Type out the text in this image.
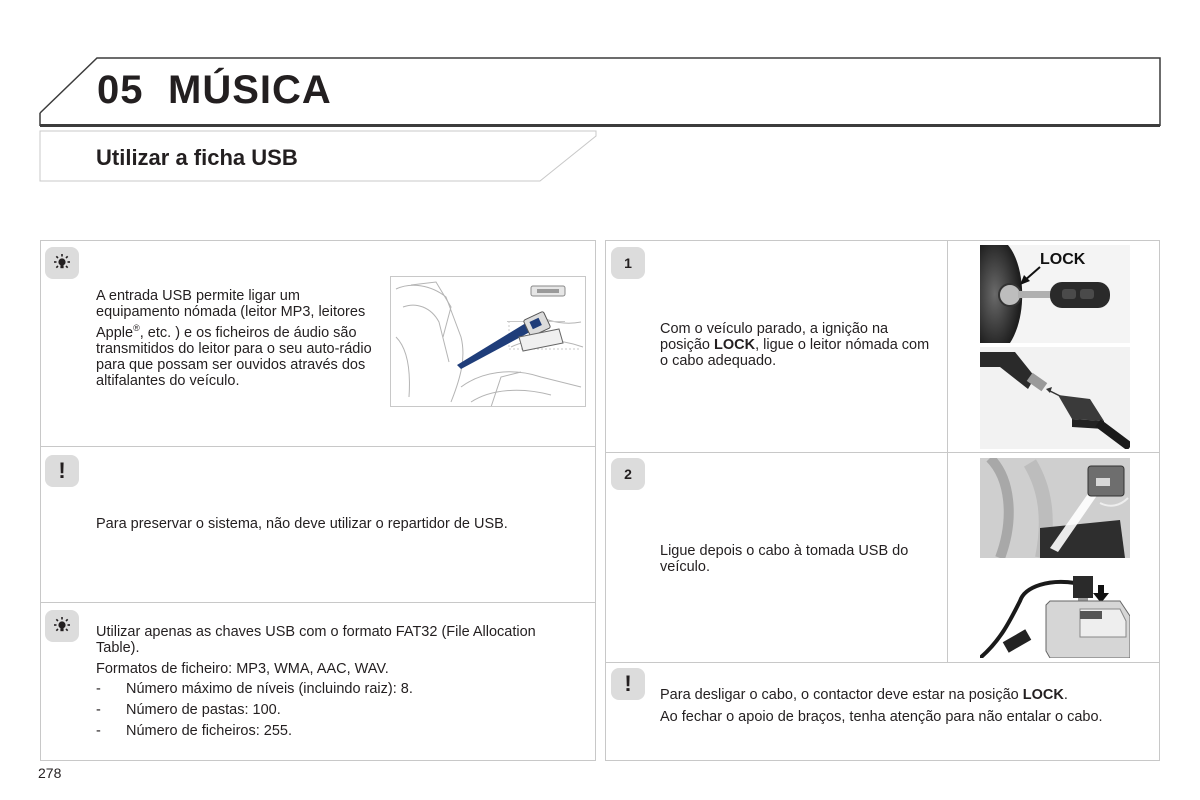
05 MÚSICA
Utilizar a ficha USB

A entrada USB permite ligar um equipamento nómada (leitor MP3, leitores Apple®, etc. ) e os ficheiros de áudio são transmitidos do leitor para o seu auto-rádio para que possam ser ouvidos através dos altifalantes do veículo.

!
Para preservar o sistema, não deve utilizar o repartidor de USB.

Utilizar apenas as chaves USB com o formato FAT32 (File Allocation Table).

Formatos de ficheiro: MP3, WMA, AAC, WAV.

- Número máximo de níveis (incluindo raiz): 8.
- Número de pastas: 100.
- Número de ficheiros: 255.
1

Com o veículo parado, a ignição na posição LOCK, ligue o leitor nómada com o cabo adequado.

LOCK
2
Ligue depois o cabo à tomada USB do veículo.
! Para desligar o cabo, o contactor deve estar na posição LOCK.

Ao fechar o apoio de braços, tenha atenção para não entalar o cabo.

278
